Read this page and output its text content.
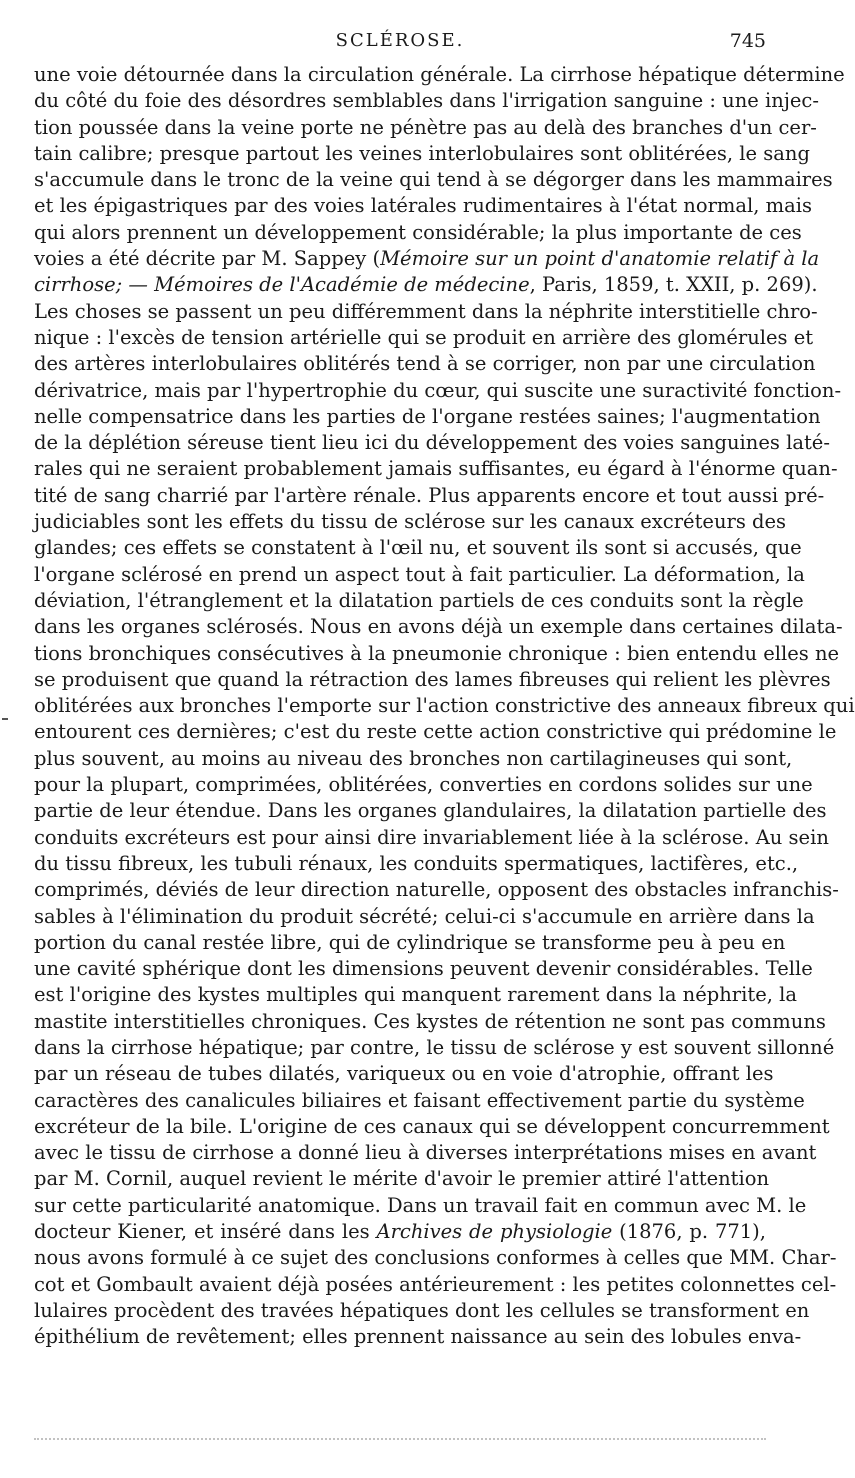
SCLÉROSE.	745
une voie détournée dans la circulation générale. La cirrhose hépatique détermine
du côté du foie des désordres semblables dans l'irrigation sanguine : une injec-
tion poussée dans la veine porte ne pénètre pas au delà des branches d'un cer-
tain calibre; presque partout les veines interlobulaires sont oblitérées, le sang
s'accumule dans le tronc de la veine qui tend à se dégorger dans les mammaires
et les épigastriques par des voies latérales rudimentaires à l'état normal, mais
qui alors prennent un développement considérable; la plus importante de ces
voies a été décrite par M. Sappey (Mémoire sur un point d'anatomie relatif à la
cirrhose; — Mémoires de l'Académie de médecine, Paris, 1859, t. XXII, p. 269).
Les choses se passent un peu différemment dans la néphrite interstitielle chro-
nique : l'excès de tension artérielle qui se produit en arrière des glomérules et
des artères interlobulaires oblitérés tend à se corriger, non par une circulation
dérivatrice, mais par l'hypertrophie du cœur, qui suscite une suractivité fonction-
nelle compensatrice dans les parties de l'organe restées saines; l'augmentation
de la déplétion séreuse tient lieu ici du développement des voies sanguines laté-
rales qui ne seraient probablement jamais suffisantes, eu égard à l'énorme quan-
tité de sang charrié par l'artère rénale. Plus apparents encore et tout aussi pré-
judiciables sont les effets du tissu de sclérose sur les canaux excréteurs des
glandes; ces effets se constatent à l'œil nu, et souvent ils sont si accusés, que
l'organe sclérosé en prend un aspect tout à fait particulier. La déformation, la
déviation, l'étranglement et la dilatation partiels de ces conduits sont la règle
dans les organes sclérosés. Nous en avons déjà un exemple dans certaines dilata-
tions bronchiques consécutives à la pneumonie chronique : bien entendu elles ne
se produisent que quand la rétraction des lames fibreuses qui relient les plèvres
oblitérées aux bronches l'emporte sur l'action constrictive des anneaux fibreux qui
entourent ces dernières; c'est du reste cette action constrictive qui prédomine le
plus souvent, au moins au niveau des bronches non cartilagineuses qui sont,
pour la plupart, comprimées, oblitérées, converties en cordons solides sur une
partie de leur étendue. Dans les organes glandulaires, la dilatation partielle des
conduits excréteurs est pour ainsi dire invariablement liée à la sclérose. Au sein
du tissu fibreux, les tubuli rénaux, les conduits spermatiques, lactifères, etc.,
comprimés, déviés de leur direction naturelle, opposent des obstacles infranchis-
sables à l'élimination du produit sécrété; celui-ci s'accumule en arrière dans la
portion du canal restée libre, qui de cylindrique se transforme peu à peu en
une cavité sphérique dont les dimensions peuvent devenir considérables. Telle
est l'origine des kystes multiples qui manquent rarement dans la néphrite, la
mastite interstitielles chroniques. Ces kystes de rétention ne sont pas communs
dans la cirrhose hépatique; par contre, le tissu de sclérose y est souvent sillonné
par un réseau de tubes dilatés, variqueux ou en voie d'atrophie, offrant les
caractères des canalicules biliaires et faisant effectivement partie du système
excréteur de la bile. L'origine de ces canaux qui se développent concurremment
avec le tissu de cirrhose a donné lieu à diverses interprétations mises en avant
par M. Cornil, auquel revient le mérite d'avoir le premier attiré l'attention
sur cette particularité anatomique. Dans un travail fait en commun avec M. le
docteur Kiener, et inséré dans les Archives de physiologie (1876, p. 771),
nous avons formulé à ce sujet des conclusions conformes à celles que MM. Char-
cot et Gombault avaient déjà posées antérieurement : les petites colonnettes cel-
lulaires procèdent des travées hépatiques dont les cellules se transforment en
épithélium de revêtement; elles prennent naissance au sein des lobules enva-
